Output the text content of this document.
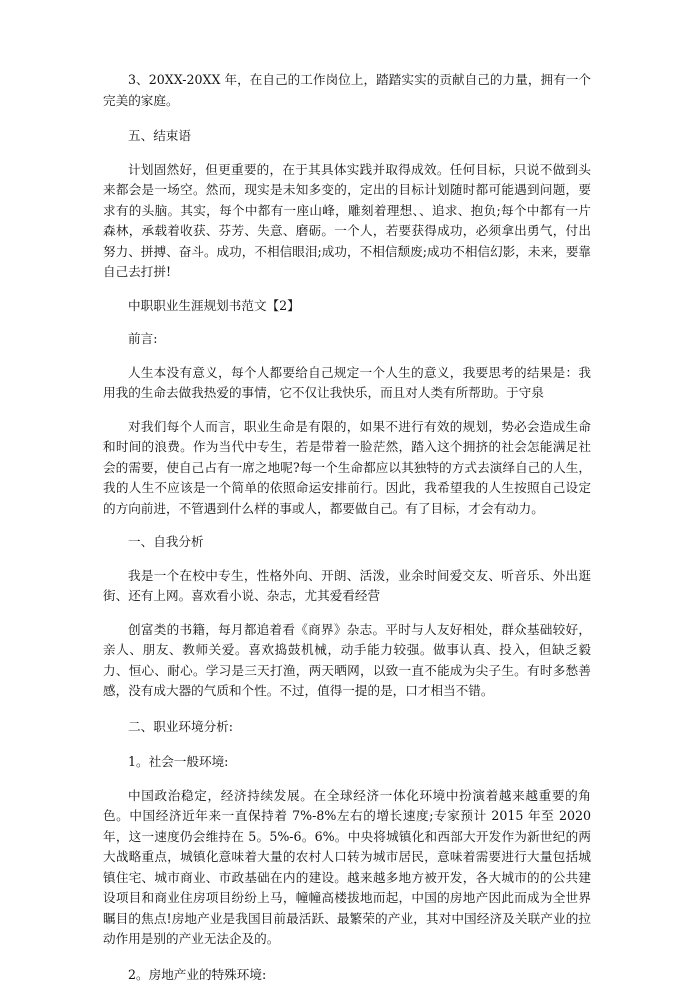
3、20XX-20XX 年，在自己的工作岗位上，踏踏实实的贡献自己的力量，拥有一个完美的家庭。

五、结束语

计划固然好，但更重要的，在于其具体实践并取得成效。任何目标，只说不做到头来都会是一场空。然而，现实是未知多变的，定出的目标计划随时都可能遇到问题，要求有的头脑。其实，每个中都有一座山峰，雕刻着理想、、追求、抱负;每个中都有一片森林，承载着收获、芬芳、失意、磨砺。一个人，若要获得成功，必须拿出勇气，付出努力、拼搏、奋斗。成功，不相信眼泪;成功，不相信颓废;成功不相信幻影，未来，要靠自己去打拼!

中职职业生涯规划书范文【2】

前言:

人生本没有意义，每个人都要给自己规定一个人生的意义，我要思考的结果是：我用我的生命去做我热爱的事情，它不仅让我快乐，而且对人类有所帮助。于守泉

对我们每个人而言，职业生命是有限的，如果不进行有效的规划，势必会造成生命和时间的浪费。作为当代中专生，若是带着一脸茫然，踏入这个拥挤的社会怎能满足社会的需要，使自己占有一席之地呢?每一个生命都应以其独特的方式去演绎自己的人生，我的人生不应该是一个简单的依照命运安排前行。因此，我希望我的人生按照自己设定的方向前进，不管遇到什么样的事或人，都要做自己。有了目标，才会有动力。

一、自我分析

我是一个在校中专生，性格外向、开朗、活泼，业余时间爱交友、听音乐、外出逛街、还有上网。喜欢看小说、杂志，尤其爱看经营

创富类的书籍，每月都追着看《商界》杂志。平时与人友好相处，群众基础较好，亲人、朋友、教师关爱。喜欢捣鼓机械，动手能力较强。做事认真、投入，但缺乏毅力、恒心、耐心。学习是三天打渔，两天晒网，以致一直不能成为尖子生。有时多愁善感，没有成大器的气质和个性。不过，值得一提的是，口才相当不错。

二、职业环境分析:

1。社会一般环境:

中国政治稳定，经济持续发展。在全球经济一体化环境中扮演着越来越重要的角色。中国经济近年来一直保持着 7%-8%左右的增长速度;专家预计 2015 年至 2020 年，这一速度仍会维持在 5。5%-6。6%。中央将城镇化和西部大开发作为新世纪的两大战略重点，城镇化意味着大量的农村人口转为城市居民，意味着需要进行大量包括城镇住宅、城市商业、市政基础在内的建设。越来越多地方被开发，各大城市的的公共建设项目和商业住房项目纷纷上马，幢幢高楼拔地而起，中国的房地产因此而成为全世界瞩目的焦点!房地产业是我国目前最活跃、最繁荣的产业，其对中国经济及关联产业的拉动作用是别的产业无法企及的。

2。房地产业的特殊环境:
